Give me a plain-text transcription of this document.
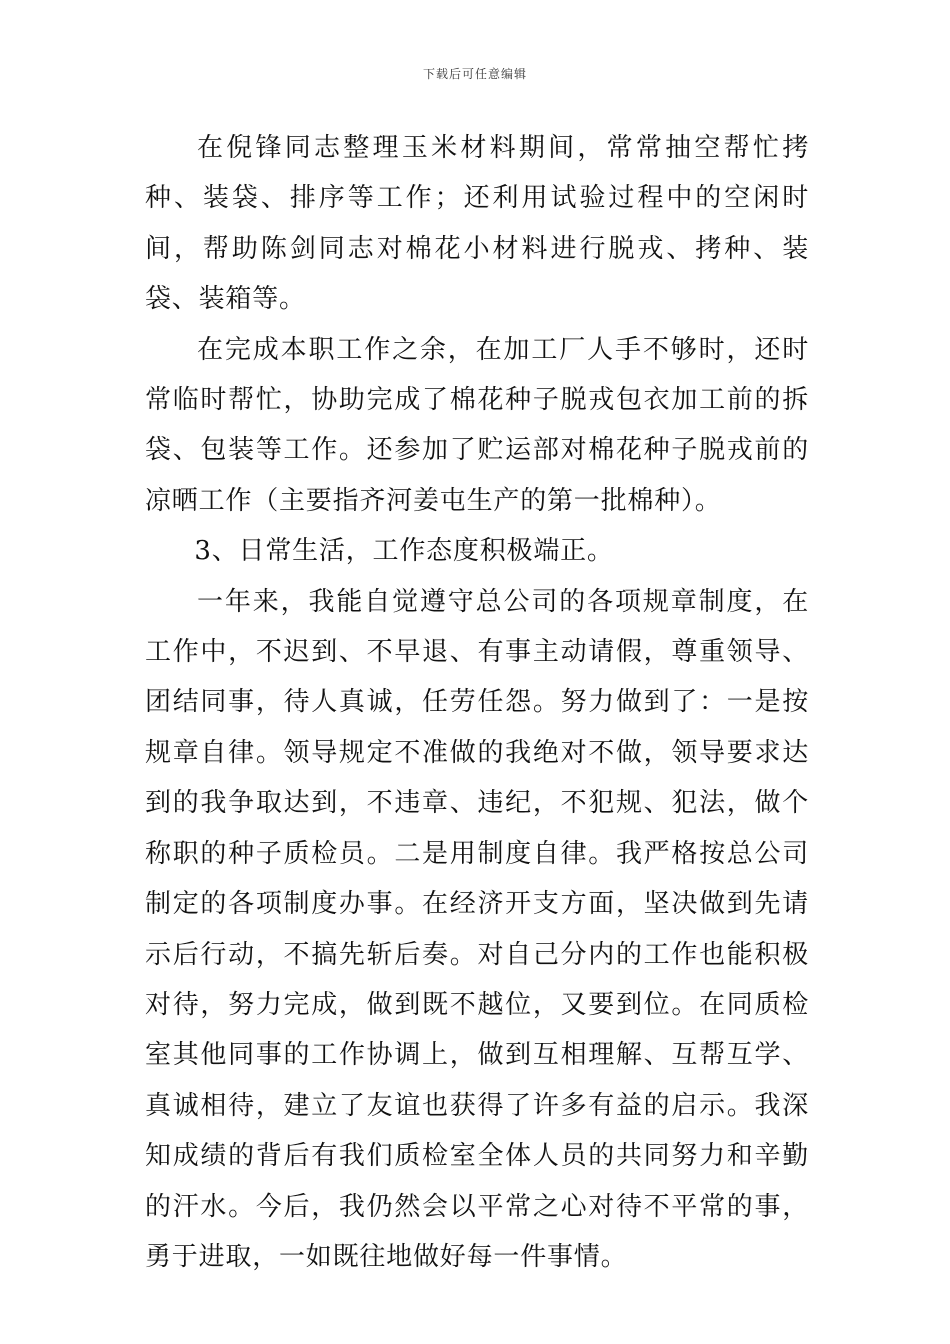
下载后可任意编辑

在倪锋同志整理玉米材料期间，常常抽空帮忙拷种、装袋、排序等工作；还利用试验过程中的空闲时间，帮助陈剑同志对棉花小材料进行脱戎、拷种、装袋、装箱等。

在完成本职工作之余，在加工厂人手不够时，还时常临时帮忙，协助完成了棉花种子脱戎包衣加工前的拆袋、包装等工作。还参加了贮运部对棉花种子脱戎前的凉晒工作（主要指齐河姜屯生产的第一批棉种）。

3、日常生活，工作态度积极端正。

一年来，我能自觉遵守总公司的各项规章制度，在工作中，不迟到、不早退、有事主动请假，尊重领导、团结同事，待人真诚，任劳任怨。努力做到了：一是按规章自律。领导规定不准做的我绝对不做，领导要求达到的我争取达到，不违章、违纪，不犯规、犯法，做个称职的种子质检员。二是用制度自律。我严格按总公司制定的各项制度办事。在经济开支方面，坚决做到先请示后行动，不搞先斩后奏。对自己分内的工作也能积极对待，努力完成，做到既不越位，又要到位。在同质检室其他同事的工作协调上，做到互相理解、互帮互学、真诚相待，建立了友谊也获得了许多有益的启示。我深知成绩的背后有我们质检室全体人员的共同努力和辛勤的汗水。今后，我仍然会以平常之心对待不平常的事，勇于进取，一如既往地做好每一件事情。
